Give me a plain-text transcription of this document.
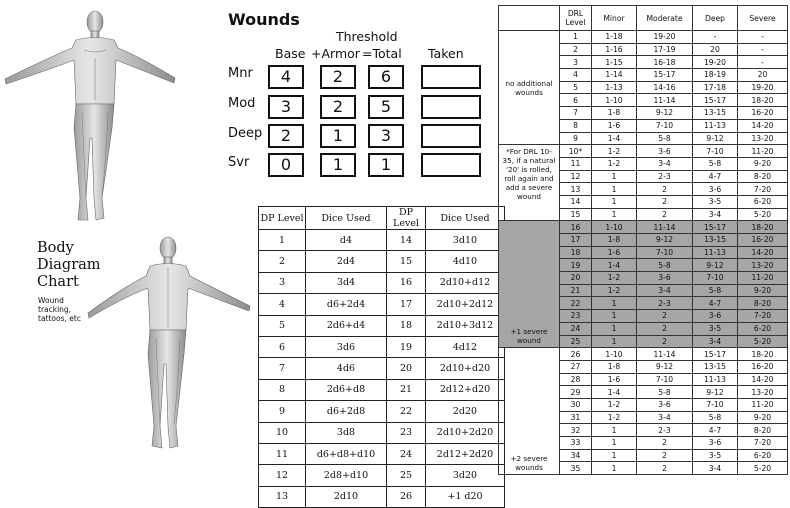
Body
Diagram
Chart
Wound tracking, tattoos, etc
Wounds
Threshold
Base +Armor =Total Taken
Mnr	4	2	6
Mod	3	2	5
Deep	2	1	3
Svr	0	1	1
DP Level	Dice Used	DP Level	Dice Used
1	d4	14	3d10
2	2d4	15	4d10
3	3d4	16	2d10+d12
4	d6+2d4	17	2d10+2d12
5	2d6+d4	18	2d10+3d12
6	3d6	19	4d12
7	4d6	20	2d10+d20
8	2d6+d8	21	2d12+d20
9	d6+2d8	22	2d20
10	3d8	23	2d10+2d20
11	d6+d8+d10	24	2d12+2d20
12	2d8+d10	25	3d20
13	2d10	26	+1 d20
	DRL Level	Minor	Moderate	Deep	Severe
no additional wounds	1	1-18	19-20	-	-
	2	1-16	17-19	20	-
	3	1-15	16-18	19-20	-
	4	1-14	15-17	18-19	20
	5	1-13	14-16	17-18	19-20
	6	1-10	11-14	15-17	18-20
	7	1-8	9-12	13-15	16-20
	8	1-6	7-10	11-13	14-20
	9	1-4	5-8	9-12	13-20
*For DRL 10-35, if a natural '20' is rolled, roll again and add a severe wound	10*	1-2	3-6	7-10	11-20
	11	1-2	3-4	5-8	9-20
	12	1	2-3	4-7	8-20
	13	1	2	3-6	7-20
	14	1	2	3-5	6-20
	15	1	2	3-4	5-20
+1 severe wound	16	1-10	11-14	15-17	18-20
	17	1-8	9-12	13-15	16-20
	18	1-6	7-10	11-13	14-20
	19	1-4	5-8	9-12	13-20
	20	1-2	3-6	7-10	11-20
	21	1-2	3-4	5-8	9-20
	22	1	2-3	4-7	8-20
	23	1	2	3-6	7-20
	24	1	2	3-5	6-20
	25	1	2	3-4	5-20
+2 severe wounds	26	1-10	11-14	15-17	18-20
	27	1-8	9-12	13-15	16-20
	28	1-6	7-10	11-13	14-20
	29	1-4	5-8	9-12	13-20
	30	1-2	3-6	7-10	11-20
	31	1-2	3-4	5-8	9-20
	32	1	2-3	4-7	8-20
	33	1	2	3-6	7-20
	34	1	2	3-5	6-20
	35	1	2	3-4	5-20
